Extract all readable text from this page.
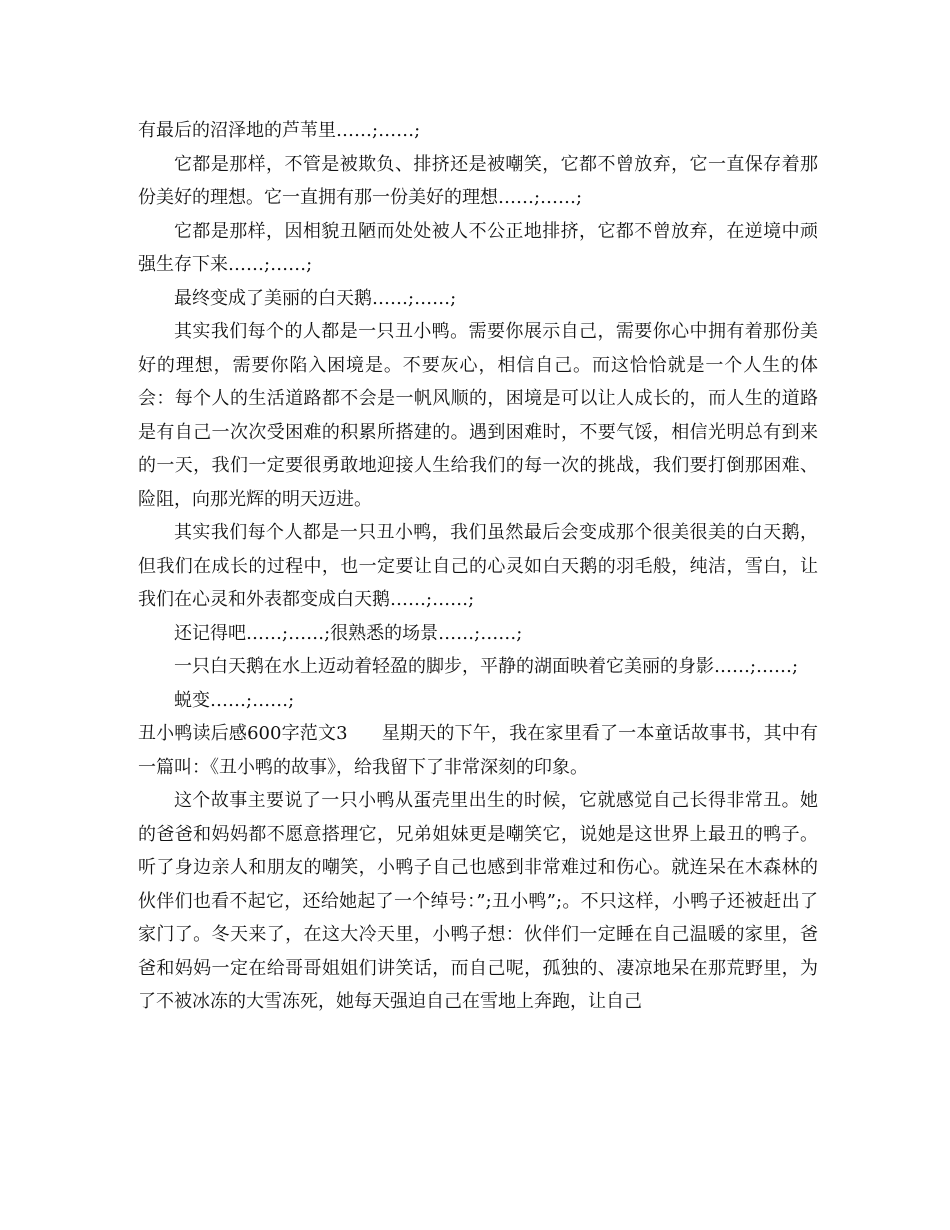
有最后的沼泽地的芦苇里……;……;

它都是那样，不管是被欺负、排挤还是被嘲笑，它都不曾放弃，它一直保存着那份美好的理想。它一直拥有那一份美好的理想……;……;

它都是那样，因相貌丑陋而处处被人不公正地排挤，它都不曾放弃，在逆境中顽强生存下来……;……;

最终变成了美丽的白天鹅……;……;

其实我们每个的人都是一只丑小鸭。需要你展示自己，需要你心中拥有着那份美好的理想，需要你陷入困境是。不要灰心，相信自己。而这恰恰就是一个人生的体会：每个人的生活道路都不会是一帆风顺的，困境是可以让人成长的，而人生的道路是有自己一次次受困难的积累所搭建的。遇到困难时，不要气馁，相信光明总有到来的一天，我们一定要很勇敢地迎接人生给我们的每一次的挑战，我们要打倒那困难、险阻，向那光辉的明天迈进。

其实我们每个人都是一只丑小鸭，我们虽然最后会变成那个很美很美的白天鹅，但我们在成长的过程中，也一定要让自己的心灵如白天鹅的羽毛般，纯洁，雪白，让我们在心灵和外表都变成白天鹅……;……;

还记得吧……;……;很熟悉的场景……;……;

一只白天鹅在水上迈动着轻盈的脚步，平静的湖面映着它美丽的身影……;……;

蜕变……;……;

丑小鸭读后感600字范文3 星期天的下午，我在家里看了一本童话故事书，其中有一篇叫：《丑小鸭的故事》，给我留下了非常深刻的印象。

这个故事主要说了一只小鸭从蛋壳里出生的时候，它就感觉自己长得非常丑。她的爸爸和妈妈都不愿意搭理它，兄弟姐妹更是嘲笑它，说她是这世界上最丑的鸭子。听了身边亲人和朋友的嘲笑，小鸭子自己也感到非常难过和伤心。就连呆在木森林的伙伴们也看不起它，还给她起了一个绰号：”;丑小鸭”;。不只这样，小鸭子还被赶出了家门了。冬天来了，在这大冷天里，小鸭子想：伙伴们一定睡在自己温暖的家里，爸爸和妈妈一定在给哥哥姐姐们讲笑话，而自己呢，孤独的、凄凉地呆在那荒野里，为了不被冰冻的大雪冻死，她每天强迫自己在雪地上奔跑，让自己
